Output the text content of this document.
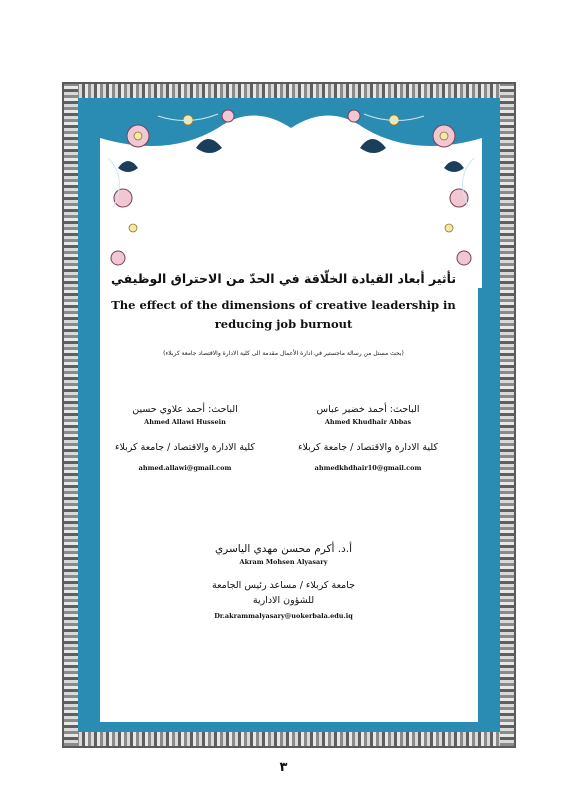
تأثير أبعاد القيادة الخلّاقة في الحدّ من الاحتراق الوظيفي
The effect of the dimensions of creative leadership in
reducing job burnout
(بحث مستل من رسالة ماجستير في ادارة الأعمال مقدمة الى كلية الادارة والاقتصاد جامعة كربلاء)
الباحث: أحمد خضير عباس
Ahmed Khudhair Abbas
كلية الادارة والاقتصاد / جامعة كربلاء
ahmedkhdhair10@gmail.com
الباحث: أحمد علاوي حسين
Ahmed Allawi Hussein
كلية الادارة والاقتصاد / جامعة كربلاء
ahmed.allawi@gmail.com
أ.د. أكرم محسن مهدي الياسري
Akram Mohsen Alyasary
جامعة كربلاء / مساعد رئيس الجامعة للشؤون الادارية
Dr.akrammalyasary@uokerbala.edu.iq
٣
